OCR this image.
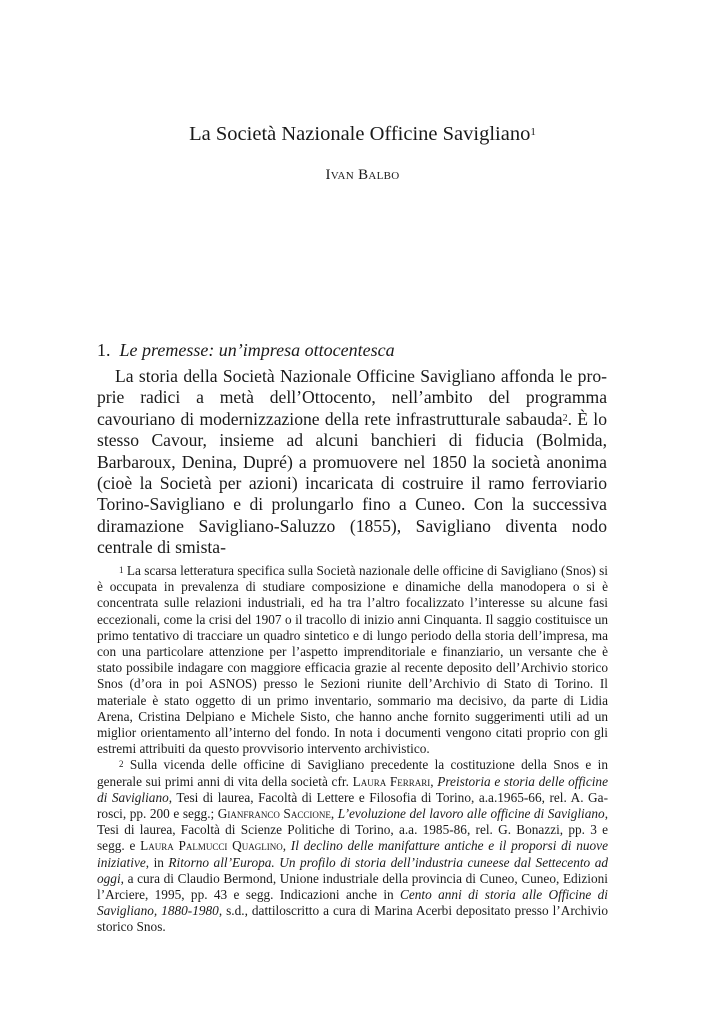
La Società Nazionale Officine Savigliano$^1$
Ivan Balbo
1. Le premesse: un’impresa ottocentesca

La storia della Società Nazionale Officine Savigliano affonda le proprie radici a metà dell’Ottocento, nell’ambito del programma cavouriano di modernizzazione della rete infrastrutturale sabauda$^2$. È lo stesso Cavour, insieme ad alcuni banchieri di fiducia (Bolmida, Barbaroux, Denina, Dupré) a promuovere nel 1850 la società anonima (cioè la Società per azioni) incaricata di costruire il ramo ferroviario Torino-Savigliano e di prolungarlo fino a Cuneo. Con la successiva diramazione Savigliano-Saluzzo (1855), Savigliano diventa nodo centrale di smista-

$^1$ La scarsa letteratura specifica sulla Società nazionale delle officine di Savigliano (Snos) si è occupata in prevalenza di studiare composizione e dinamiche della manodopera o si è concentrata sulle relazioni industriali, ed ha tra l’altro focalizzato l’interesse su alcune fasi eccezionali, come la crisi del 1907 o il tracollo di inizio anni Cinquanta. Il saggio costituisce un primo tentativo di tracciare un quadro sintetico e di lungo periodo della storia dell’impresa, ma con una particolare attenzione per l’aspetto imprenditoriale e finanziario, un versante che è stato possibile indagare con maggiore efficacia grazie al recente deposito dell’Archivio storico Snos (d’ora in poi ASNOS) presso le Sezioni riunite dell’Archivio di Stato di Torino. Il materiale è stato oggetto di un primo inventario, sommario ma decisivo, da parte di Lidia Arena, Cristina Delpiano e Michele Sisto, che hanno anche fornito suggerimenti utili ad un miglior orientamento all’interno del fondo. In nota i documenti vengono citati proprio con gli estremi attribuiti da questo provvisorio intervento archivistico.

$^2$ Sulla vicenda delle officine di Savigliano precedente la costituzione della Snos e in generale sui primi anni di vita della società cfr. Laura Ferrari, Preistoria e storia delle officine di Savigliano, Tesi di laurea, Facoltà di Lettere e Filosofia di Torino, a.a.1965-66, rel. A. Garosci, pp. 200 e segg.; Gianfranco Saccione, L’evoluzione del lavoro alle officine di Savigliano, Tesi di laurea, Facoltà di Scienze Politiche di Torino, a.a. 1985-86, rel. G. Bonazzi, pp. 3 e segg. e Laura Palmucci Quaglino, Il declino delle manifatture antiche e il proporsi di nuove iniziative, in Ritorno all’Europa. Un profilo di storia dell’industria cuneese dal Settecento ad oggi, a cura di Claudio Bermond, Unione industriale della provincia di Cuneo, Cuneo, Edizioni l’Arciere, 1995, pp. 43 e segg. Indicazioni anche in Cento anni di storia alle Officine di Savigliano, 1880-1980, s.d., dattiloscritto a cura di Marina Acerbi depositato presso l’Archivio storico Snos.
